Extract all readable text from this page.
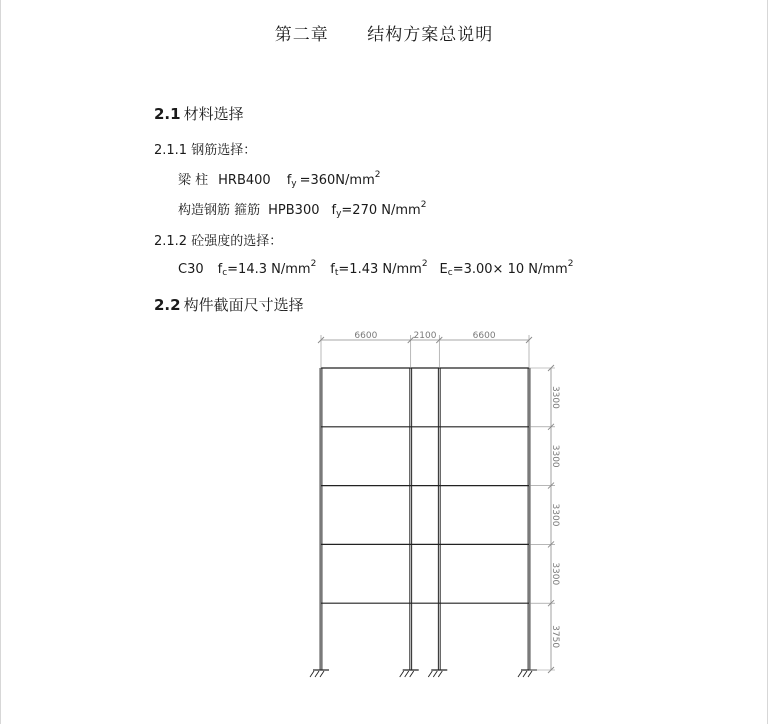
第二章      结构方案总说明
2.1 材料选择
2.1.1 钢筋选择：
梁 柱 HRB400 $f_y =360N/mm^2$
构造钢筋 箍筋 HPB300 $f_y=270$ $N/mm^2$
2.1.2 砼强度的选择：
C30 $f_c=14.3$ $N/mm^2$ $f_t=1.43$ $N/mm^2$ $E_c=3.00\times 10$ $N/mm^2$
2.2 构件截面尺寸选择
6600	2100	6600
3300
3300
3300
3300
3750
